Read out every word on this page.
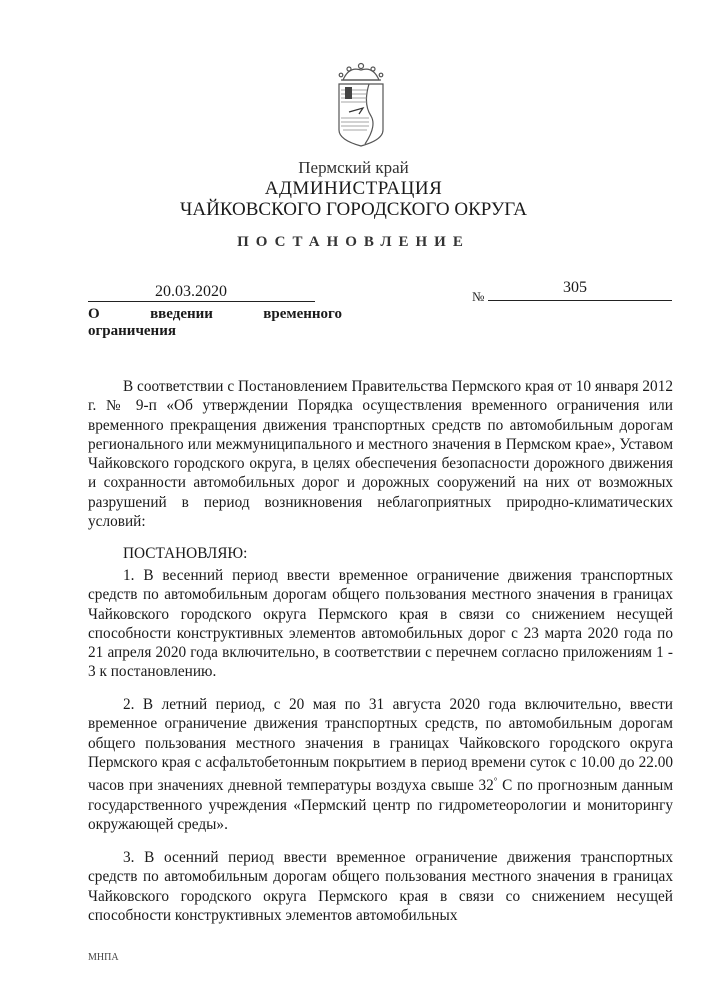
Пермский край
АДМИНИСТРАЦИЯ
ЧАЙКОВСКОГО ГОРОДСКОГО ОКРУГА
ПОСТАНОВЛЕНИЕ
20.03.2020	№
305
О введении временного
ограничения

В соответствии с Постановлением Правительства Пермского края от 10 января 2012 г. № 9-п «Об утверждении Порядка осуществления временного ограничения или временного прекращения движения транспортных средств по автомобильным дорогам регионального или межмуниципального и местного значения в Пермском крае», Уставом Чайковского городского округа, в целях обеспечения безопасности дорожного движения и сохранности автомобильных дорог и дорожных сооружений на них от возможных разрушений в период возникновения неблагоприятных природно-климатических условий:

ПОСТАНОВЛЯЮ:

1. В весенний период ввести временное ограничение движения транспортных средств по автомобильным дорогам общего пользования местного значения в границах Чайковского городского округа Пермского края в связи со снижением несущей способности конструктивных элементов автомобильных дорог с 23 марта 2020 года по 21 апреля 2020 года включительно, в соответствии с перечнем согласно приложениям 1 - 3 к постановлению.

2. В летний период, с 20 мая по 31 августа 2020 года включительно, ввести временное ограничение движения транспортных средств, по автомобильным дорогам общего пользования местного значения в границах Чайковского городского округа Пермского края с асфальтобетонным покрытием в период времени суток с 10.00 до 22.00 часов при значениях дневной температуры воздуха свыше 32° С по прогнозным данным государственного учреждения «Пермский центр по гидрометеорологии и мониторингу окружающей среды».

3. В осенний период ввести временное ограничение движения транспортных средств по автомобильным дорогам общего пользования местного значения в границах Чайковского городского округа Пермского края в связи со снижением несущей способности конструктивных элементов автомобильных

МНПА
